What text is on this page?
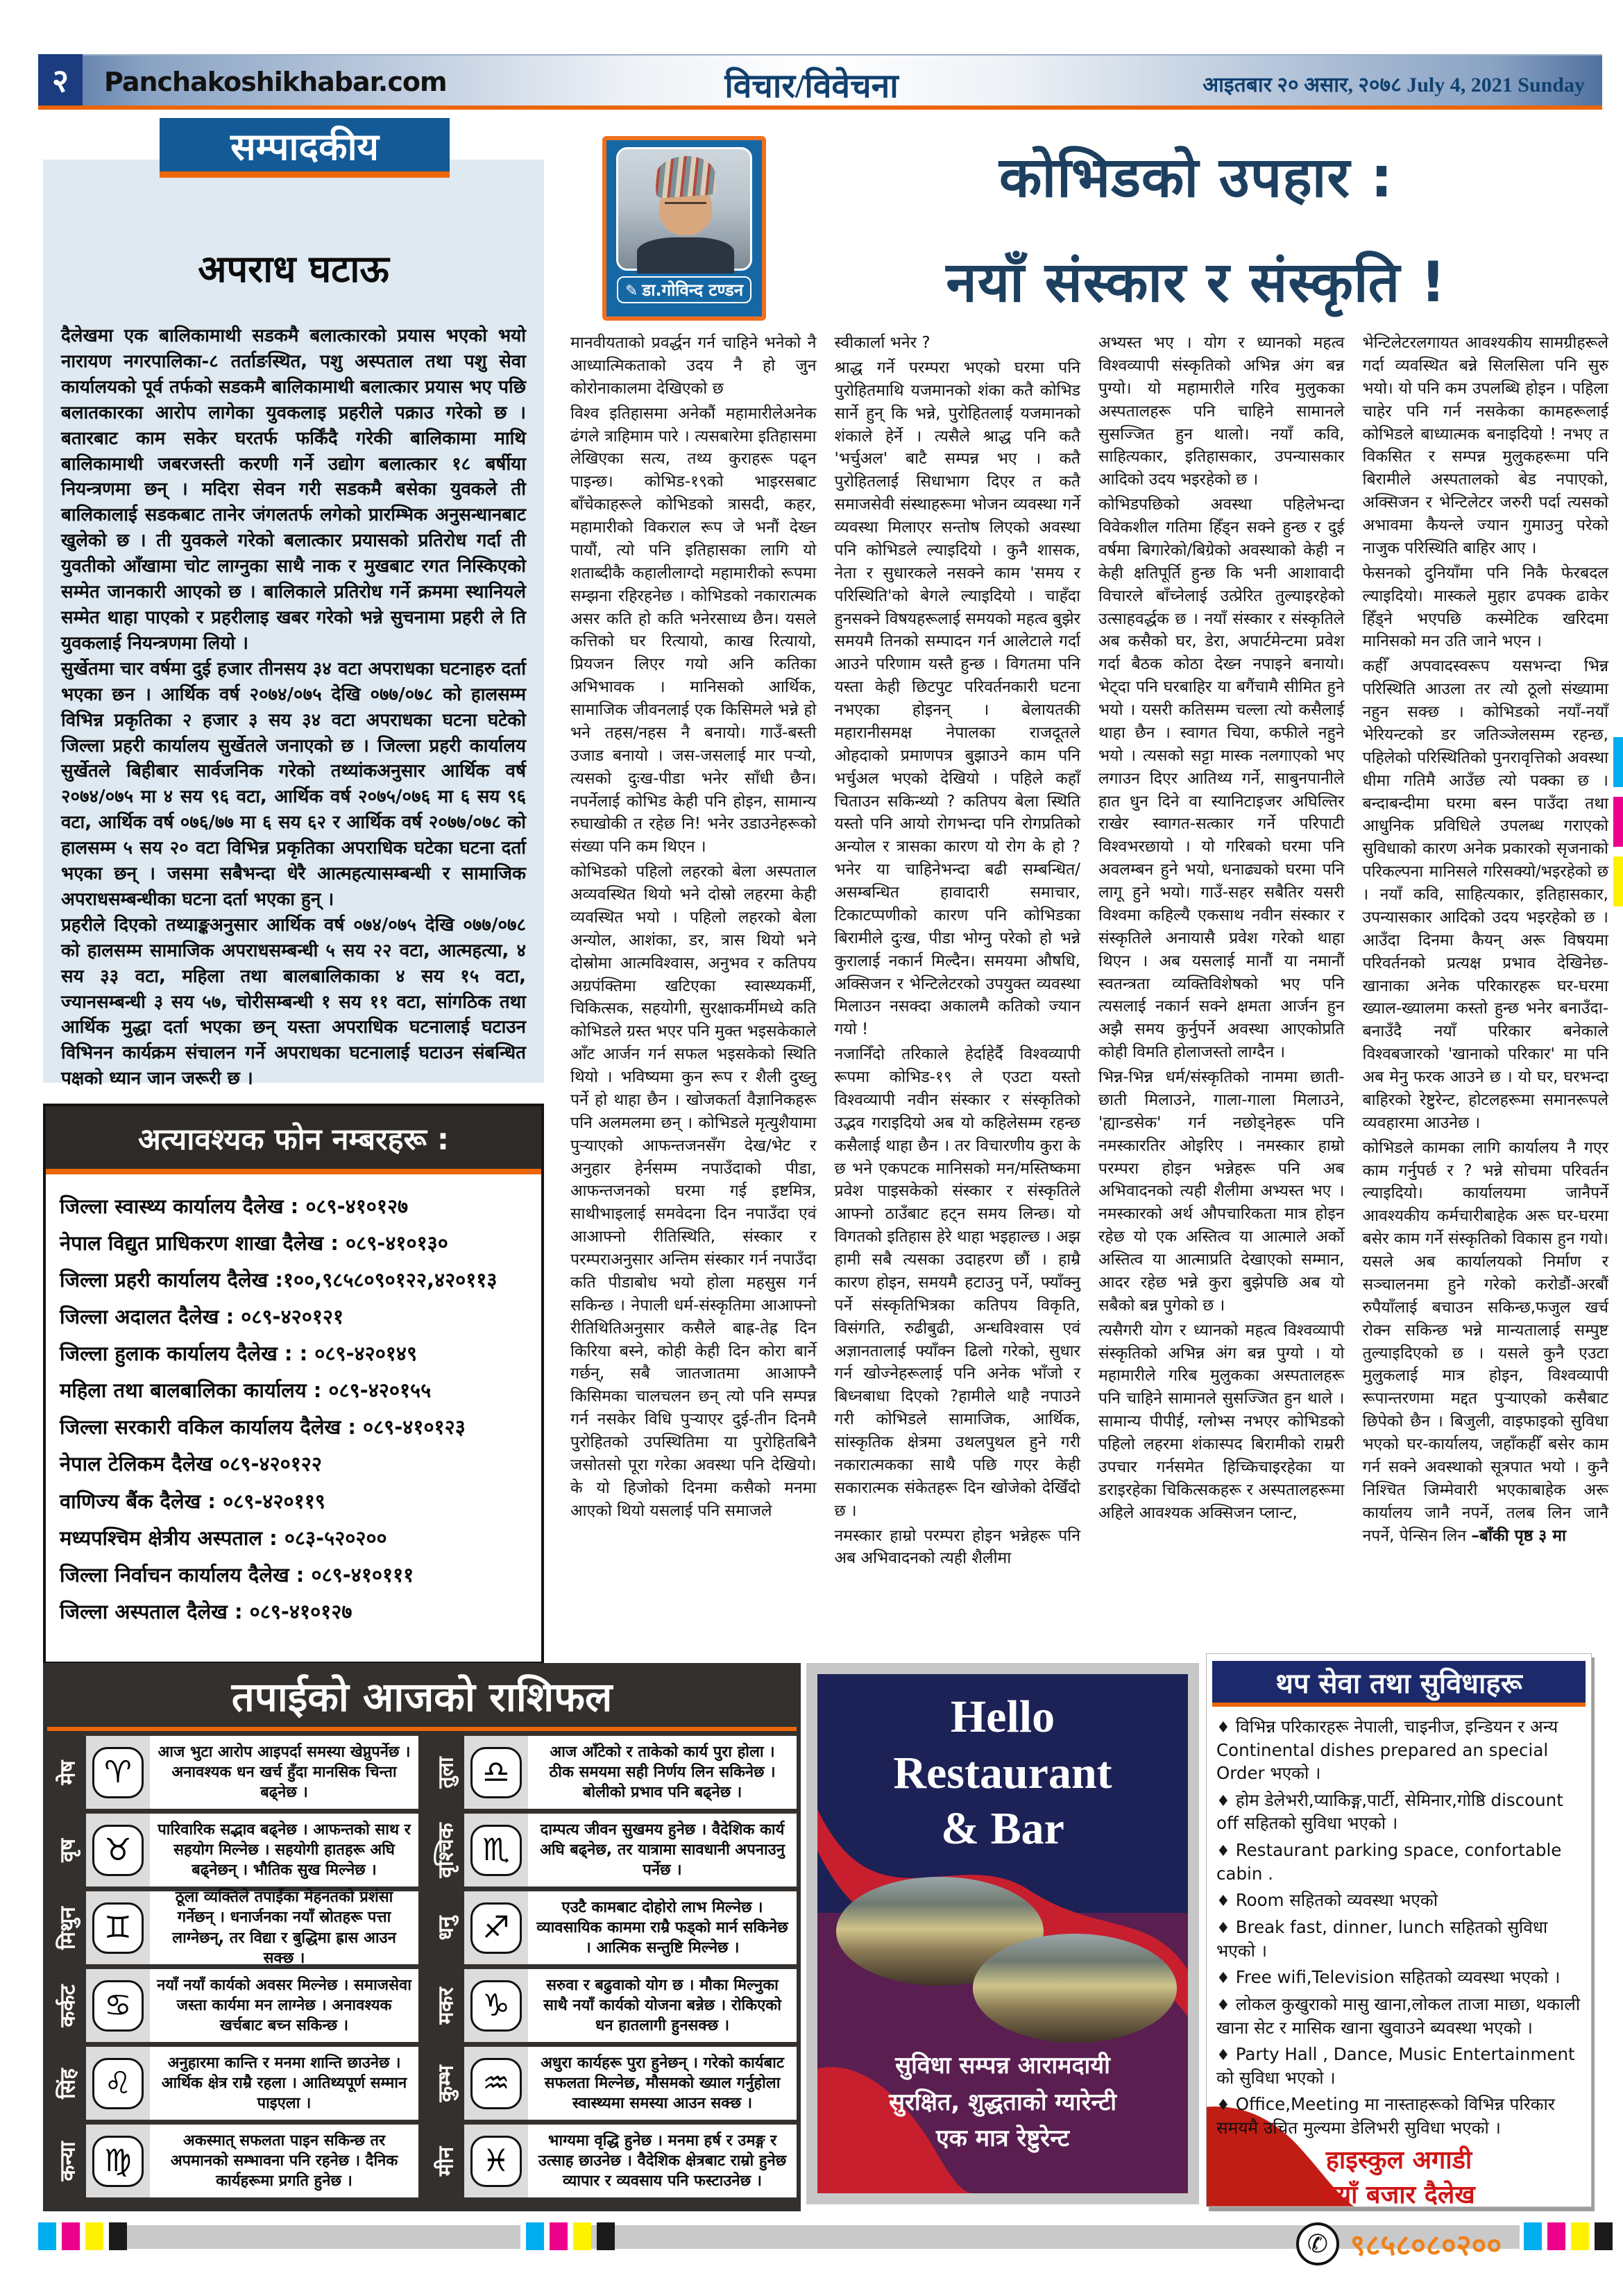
२	Panchakoshikhabar.com	विचार/विवेचना	आइतबार २० असार, २०७८ July 4, 2021 Sunday
सम्पादकीय
अपराध घटाऊ

दैलेखमा एक बालिकामाथी सडकमै बलात्कारको प्रयास भएको भयो नारायण नगरपालिका-८ तर्ताङस्थित, पशु अस्पताल तथा पशु सेवा कार्यालयको पूर्व तर्फको सडकमै बालिकामाथी बलात्कार प्रयास भए पछि बलातकारका आरोप लागेका युवकलाइ प्रहरीले पक्राउ गरेको छ । बतारबाट काम सकेर घरतर्फ फर्किंदै गरेकी बालिकामा माथि बालिकामाथी जबरजस्ती करणी गर्ने उद्योग बलात्कार १८ बर्षीया नियन्त्रणमा छन् । मदिरा सेवन गरी सडकमै बसेका युवकले ती बालिकालाई सडकबाट तानेर जंगलतर्फ लगेको प्रारम्भिक अनुसन्धानबाट खुलेको छ । ती युवकले गरेको बलात्कार प्रयासको प्रतिरोध गर्दा ती युवतीको आँखामा चोट लाग्नुका साथै नाक र मुखबाट रगत निस्किएको सम्मेत जानकारी आएको छ । बालिकाले प्रतिरोध गर्ने क्रममा स्थानियले सम्मेत थाहा पाएको र प्रहरीलाइ खबर गरेको भन्ने सुचनामा प्रहरी ले ति युवकलाई नियन्त्रणमा लियो ।

सुर्खेतमा चार वर्षमा दुई हजार तीनसय ३४ वटा अपराधका घटनाहरु दर्ता भएका छन । आर्थिक वर्ष २०७४/०७५ देखि ०७७/०७८ को हालसम्म विभिन्न प्रकृतिका २ हजार ३ सय ३४ वटा अपराधका घटना घटेको जिल्ला प्रहरी कार्यालय सुर्खेतले जनाएको छ । जिल्ला प्रहरी कार्यालय सुर्खेतले बिहीबार सार्वजनिक गरेको तथ्यांकअनुसार आर्थिक वर्ष २०७४/०७५ मा ४ सय ९६ वटा, आर्थिक वर्ष २०७५/०७६ मा ६ सय ९६ वटा, आर्थिक वर्ष ०७६/७७ मा ६ सय ६२ र आर्थिक वर्ष २०७७/०७८ को हालसम्म ५ सय २० वटा विभिन्न प्रकृतिका अपराधिक घटेका घटना दर्ता भएका छन् । जसमा सबैभन्दा धेरै आत्महत्यासम्बन्धी र सामाजिक अपराधसम्बन्धीका घटना दर्ता भएका हुन् ।

प्रहरीले दिएको तथ्याङ्कअनुसार आर्थिक वर्ष ०७४/०७५ देखि ०७७/०७८ को हालसम्म सामाजिक अपराधसम्बन्धी ५ सय २२ वटा, आत्महत्या, ४ सय ३३ वटा, महिला तथा बालबालिकाका ४ सय १५ वटा, ज्यानसम्बन्धी ३ सय ५७, चोरीसम्बन्धी १ सय ११ वटा, सांगठिक तथा आर्थिक मुद्धा दर्ता भएका छन् यस्ता अपराधिक घटनालाई घटाउन विभिनन कार्यक्रम संचालन गर्ने अपराधका घटनालाई घटाउन संबन्धित पक्षको ध्यान जान जरूरी छ ।

अत्यावश्यक फोन नम्बरहरू :
जिल्ला स्वास्थ्य कार्यालय दैलेख : ०८९-४१०१२७
नेपाल विद्युत प्राधिकरण शाखा दैलेख : ०८९-४१०१३०
जिल्ला प्रहरी कार्यालय दैलेख :१००,९८५८०९०१२२,४२०११३
जिल्ला अदालत दैलेख : ०८९-४२०१२१
जिल्ला हुलाक कार्यालय दैलेख : : ०८९-४२०१४९
महिला तथा बालबालिका कार्यालय : ०८९-४२०१५५
जिल्ला सरकारी वकिल कार्यालय दैलेख : ०८९-४१०१२३
नेपाल टेलिकम दैलेख ०८९-४२०१२२
वाणिज्य बैंक दैलेख : ०८९-४२०११९
मध्यपश्चिम क्षेत्रीय अस्पताल : ०८३-५२०२००
जिल्ला निर्वाचन कार्यालय दैलेख : ०८९-४१०१११
जिल्ला अस्पताल दैलेख : ०८९-४१०१२७
✎ डा.गोविन्द टण्डन
कोभिडको उपहार :
नयाँ संस्कार र संस्कृति !

मानवीयताको प्रवर्द्धन गर्न चाहिने भनेको नै आध्यात्मिकताको उदय नै हो जुन कोरोनाकालमा देखिएको छ

विश्व इतिहासमा अनेकौं महामारीलेअनेक ढंगले त्राहिमाम पारे । त्यसबारेमा इतिहासमा लेखिएका सत्य, तथ्य कुराहरू पढ्न पाइन्छ। कोभिड-१९को भाइरसबाट बाँचेकाहरूले कोभिडको त्रासदी, कहर, महामारीको विकराल रूप जे भनौं देख्न पायौं, त्यो पनि इतिहासका लागि यो शताब्दीकै कहालीलाग्दो महामारीको रूपमा सम्झना रहिरहनेछ । कोभिडको नकारात्मक असर कति हो कति भनेरसाध्य छैन। यसले कत्तिको घर रित्यायो, काख रित्यायो, प्रियजन लिएर गयो अनि कतिका अभिभावक । मानिसको आर्थिक, सामाजिक जीवनलाई एक किसिमले भन्ने हो भने तहस/नहस नै बनायो। गाउँ-बस्ती उजाड बनायो । जस-जसलाई मार पर्‍यो, त्यसको दुःख-पीडा भनेर साँधी छैन। नपर्नेलाई कोभिड केही पनि होइन, सामान्य रुघाखोकी त रहेछ नि! भनेर उडाउनेहरूको संख्या पनि कम थिएन ।

कोभिडको पहिलो लहरको बेला अस्पताल अव्यवस्थित थियो भने दोस्रो लहरमा केही व्यवस्थित भयो । पहिलो लहरको बेला अन्योल, आशंका, डर, त्रास थियो भने दोस्रोमा आत्मविश्वास, अनुभव र कतिपय अग्रपंक्तिमा खटिएका स्वास्थ्यकर्मी, चिकित्सक, सहयोगी, सुरक्षाकर्मीमध्ये कति कोभिडले ग्रस्त भएर पनि मुक्त भइसकेकाले आँट आर्जन गर्न सफल भइसकेको स्थिति थियो । भविष्यमा कुन रूप र शैली दुख्नु पर्ने हो थाहा छैन । खोजकर्ता वैज्ञानिकहरू पनि अलमलमा छन् । कोभिडले मृत्युशैयामा पुर्‍याएको आफन्तजनसँग देख/भेट र अनुहार हेर्नसम्म नपाउँदाको पीडा, आफन्तजनको घरमा गई इष्टमित्र, साथीभाइलाई समवेदना दिन नपाउँदा एवं आआफ्नो रीतिस्थिति, संस्कार र परम्पराअनुसार अन्तिम संस्कार गर्न नपाउँदा कति पीडाबोध भयो होला महसुस गर्न सकिन्छ । नेपाली धर्म-संस्कृतिमा आआफ्नो रीतिथितिअनुसार कसैले बाह्र-तेह्र दिन किरिया बस्ने, कोही केही दिन कोरा बार्ने गर्छन्, सबै जातजातमा आआफ्नै किसिमका चालचलन छन् त्यो पनि सम्पन्न गर्न नसकेर विधि पुर्‍याएर दुई-तीन दिनमै पुरोहितको उपस्थितिमा या पुरोहितबिनै जसोतसो पूरा गरेका अवस्था पनि देखियो। के यो हिजोको दिनमा कसैको मनमा आएको थियो यसलाई पनि समाजले

स्वीकार्ला भनेर ?

श्राद्ध गर्ने परम्परा भएको घरमा पनि पुरोहितमाथि यजमानको शंका कतै कोभिड सार्ने हुन् कि भन्ने, पुरोहितलाई यजमानको शंकाले हेर्ने । त्यसैले श्राद्ध पनि कतै 'भर्चुअल' बाटै सम्पन्न भए । कतै पुरोहितलाई सिधाभाग दिएर त कतै समाजसेवी संस्थाहरूमा भोजन व्यवस्था गर्ने व्यवस्था मिलाएर सन्तोष लिएको अवस्था पनि कोभिडले ल्याइदियो । कुनै शासक, नेता र सुधारकले नसक्ने काम 'समय र परिस्थिति'को बेगले ल्याइदियो । चाहँदा हुनसक्ने विषयहरूलाई समयको महत्व बुझेर समयमै तिनको सम्पादन गर्न आलेटाले गर्दा आउने परिणाम यस्तै हुन्छ । विगतमा पनि यस्ता केही छिटपुट परिवर्तनकारी घटना नभएका होइनन् । बेलायतकी महारानीसमक्ष नेपालका राजदूतले ओहदाको प्रमाणपत्र बुझाउने काम पनि भर्चुअल भएको देखियो । पहिले कहाँ चिताउन सकिन्थ्यो ? कतिपय बेला स्थिति यस्तो पनि आयो रोगभन्दा पनि रोगप्रतिको अन्योल र त्रासका कारण यो रोग के हो ? भनेर या चाहिनेभन्दा बढी सम्बन्धित/असम्बन्धित हावादारी समाचार, टिकाटप्पणीको कारण पनि कोभिडका बिरामीले दुःख, पीडा भोग्नु परेको हो भन्ने कुरालाई नकार्न मिल्दैन। समयमा औषधि, अक्सिजन र भेन्टिलेटरको उपयुक्त व्यवस्था मिलाउन नसक्दा अकालमै कतिको ज्यान गयो !

नजानिँदो तरिकाले हेर्दाहेर्दै विश्वव्यापी रूपमा कोभिड-१९ ले एउटा यस्तो विश्वव्यापी नवीन संस्कार र संस्कृतिको उद्भव गराइदियो अब यो कहिलेसम्म रहन्छ कसैलाई थाहा छैन । तर विचारणीय कुरा के छ भने एकपटक मानिसको मन/मस्तिष्कमा प्रवेश पाइसकेको संस्कार र संस्कृतिले आफ्नो ठाउँबाट हट्न समय लिन्छ। यो विगतको इतिहास हेरे थाहा भइहाल्छ । अझ हामी सबै त्यसका उदाहरण छौं । हाम्रै कारण होइन, समयमै हटाउनु पर्ने, फ्याँक्नु पर्ने संस्कृतिभित्रका कतिपय विकृति, विसंगति, रुढीबुढी, अन्धविश्वास एवं अज्ञानतालाई फ्याँक्न ढिलो गरेको, सुधार गर्न खोज्नेहरूलाई पनि अनेक भाँजो र बिध्नबाधा दिएको ?हामीले थाहै नपाउने गरी कोभिडले सामाजिक, आर्थिक, सांस्कृतिक क्षेत्रमा उथलपुथल हुने गरी नकारात्मकका साथै पछि गएर केही सकारात्मक संकेतहरू दिन खोजेको देखिँदो छ ।

नमस्कार हाम्रो परम्परा होइन भन्नेहरू पनि अब अभिवादनको त्यही शैलीमा

अभ्यस्त भए । योग र ध्यानको महत्व विश्वव्यापी संस्कृतिको अभिन्न अंग बन्न पुग्यो। यो महामारीले गरिव मुलुकका अस्पतालहरू पनि चाहिने सामानले सुसज्जित हुन थालो। नयाँ कवि, साहित्यकार, इतिहासकार, उपन्यासकार आदिको उदय भइरहेको छ ।

कोभिडपछिको अवस्था पहिलेभन्दा विवेकशील गतिमा हिँड्न सक्ने हुन्छ र दुई वर्षमा बिगारेको/बिग्रेको अवस्थाको केही न केही क्षतिपूर्ति हुन्छ कि भनी आशावादी विचारले बाँच्नेलाई उत्प्रेरित तुल्याइरहेको उत्साहवर्द्धक छ । नयाँ संस्कार र संस्कृतिले अब कसैको घर, डेरा, अपार्टमेन्टमा प्रवेश गर्दा बैठक कोठा देख्न नपाइने बनायो। भेट्दा पनि घरबाहिर या बगैंचामै सीमित हुने भयो । यसरी कतिसम्म चल्ला त्यो कसैलाई थाहा छैन । स्वागत चिया, कफीले नहुने भयो । त्यसको सट्टा मास्क नलगाएको भए लगाउन दिएर आतिथ्य गर्ने, साबुनपानीले हात धुन दिने वा स्यानिटाइजर अघिल्तिर राखेर स्वागत-सत्कार गर्ने परिपाटी विश्वभरछायो । यो गरिबको घरमा पनि अवलम्बन हुने भयो, धनाढ्यको घरमा पनि लागू हुने भयो। गाउँ-सहर सबैतिर यसरी विश्वमा कहिल्यै एकसाथ नवीन संस्कार र संस्कृतिले अनायासै प्रवेश गरेको थाहा थिएन । अब यसलाई मानौं या नमानौं स्वतन्त्रता व्यक्तिविशेषको भए पनि त्यसलाई नकार्न सक्ने क्षमता आर्जन हुन अझै समय कुर्नुपर्ने अवस्था आएकोप्रति कोही विमति होलाजस्तो लाग्दैन ।

भिन्न-भिन्न धर्म/संस्कृतिको नाममा छाती-छाती मिलाउने, गाला-गाला मिलाउने, 'ह्यान्डसेक' गर्न नछोड्नेहरू पनि नमस्कारतिर ओइरिए । नमस्कार हाम्रो परम्परा होइन भन्नेहरू पनि अब अभिवादनको त्यही शैलीमा अभ्यस्त भए । नमस्कारको अर्थ औपचारिकता मात्र होइन रहेछ यो एक अस्तित्व या आत्माले अर्को अस्तित्व या आत्माप्रति देखाएको सम्मान, आदर रहेछ भन्ने कुरा बुझेपछि अब यो सबैको बन्न पुगेको छ ।

त्यसैगरी योग र ध्यानको महत्व विश्वव्यापी संस्कृतिको अभिन्न अंग बन्न पुग्यो । यो महामारीले गरिब मुलुकका अस्पतालहरू पनि चाहिने सामानले सुसज्जित हुन थाले । सामान्य पीपीई, ग्लोभ्स नभएर कोभिडको पहिलो लहरमा शंकास्पद बिरामीको राम्ररी उपचार गर्नसमेत हिच्किचाइरहेका या डराइरहेका चिकित्सकहरू र अस्पतालहरूमा अहिले आवश्यक अक्सिजन प्लान्ट,

भेन्टिलेटरलगायत आवश्यकीय सामग्रीहरूले गर्दा व्यवस्थित बन्ने सिलसिला पनि सुरु भयो। यो पनि कम उपलब्धि होइन । पहिला चाहेर पनि गर्न नसकेका कामहरूलाई कोभिडले बाध्यात्मक बनाइदियो ! नभए त विकसित र सम्पन्न मुलुकहरूमा पनि बिरामीले अस्पतालको बेड नपाएको, अक्सिजन र भेन्टिलेटर जरुरी पर्दा त्यसको अभावमा कैयन्ले ज्यान गुमाउनु परेको नाजुक परिस्थिति बाहिर आए ।

फेसनको दुनियाँमा पनि निकै फेरबदल ल्याइदियो। मास्कले मुहार ढपक्क ढाकेर हिँड्ने भएपछि कस्मेटिक खरिदमा मानिसको मन उति जाने भएन ।

कहीँ अपवादस्वरूप यसभन्दा भिन्न परिस्थिति आउला तर त्यो ठूलो संख्यामा नहुन सक्छ । कोभिडको नयाँ-नयाँ भेरियन्टको डर जतिञ्जेलसम्म रहन्छ, पहिलेको परिस्थितिको पुनरावृत्तिको अवस्था धीमा गतिमै आउँछ त्यो पक्का छ । बन्दाबन्दीमा घरमा बस्न पाउँदा तथा आधुनिक प्रविधिले उपलब्ध गराएको सुविधाको कारण अनेक प्रकारको सृजनाको परिकल्पना मानिसले गरिसक्यो/भइरहेको छ । नयाँ कवि, साहित्यकार, इतिहासकार, उपन्यासकार आदिको उदय भइरहेको छ । आउँदा दिनमा कैयन् अरू विषयमा परिवर्तनको प्रत्यक्ष प्रभाव देखिनेछ- खानाका अनेक परिकारहरू घर-घरमा ख्याल-ख्यालमा कस्तो हुन्छ भनेर बनाउँदा-बनाउँदै नयाँ परिकार बनेकाले विश्वबजारको 'खानाको परिकार' मा पनि अब मेनु फरक आउने छ । यो घर, घरभन्दा बाहिरको रेष्टुरेन्ट, होटलहरूमा समानरूपले व्यवहारमा आउनेछ ।

कोभिडले कामका लागि कार्यालय नै गएर काम गर्नुपर्छ र ? भन्ने सोचमा परिवर्तन ल्याइदियो। कार्यालयमा जानैपर्ने आवश्यकीय कर्मचारीबाहेक अरू घर-घरमा बसेर काम गर्ने संस्कृतिको विकास हुन गयो। यसले अब कार्यालयको निर्माण र सञ्चालनमा हुने गरेको करोडौं-अरबौं रुपैयाँलाई बचाउन सकिन्छ,फजुल खर्च रोक्न सकिन्छ भन्ने मान्यतालाई सम्पुष्ट तुल्याइदिएको छ । यसले कुनै एउटा मुलुकलाई मात्र होइन, विश्वव्यापी रूपान्तरणमा मद्दत पुर्‍याएको कसैबाट छिपेको छैन । बिजुली, वाइफाइको सुविधा भएको घर-कार्यालय, जहाँकहीँ बसेर काम गर्न सक्ने अवस्थाको सूत्रपात भयो । कुनै निश्चित जिम्मेवारी भएकाबाहेक अरू कार्यालय जानै नपर्ने, तलब लिन जानै नपर्ने, पेन्सिन लिन –बाँकी पृष्ठ ३ मा

तपाईको आजको राशिफल
मेष ♈
आज भुटा आरोप आइपर्दा समस्या खेप्नुपर्नेछ । अनावश्यक धन खर्च हुँदा मानसिक चिन्ता बढ्नेछ ।
वृष ♉
पारिवारिक सद्भाव बढ्नेछ । आफन्तको साथ र सहयोग मिल्नेछ । सहयोगी हातहरू अघि बढ्नेछन् । भौतिक सुख मिल्नेछ ।
मिथुन ♊
ठूला व्यक्तिले तपाईँका मेहनतको प्रशंसा गर्नेछन् । धनार्जनका नयाँ स्रोतहरू पत्ता लाग्नेछन्, तर विद्या र बुद्धिमा ह्रास आउन सक्छ ।
कर्कट ♋
नयाँ नयाँ कार्यको अवसर मिल्नेछ । समाजसेवा जस्ता कार्यमा मन लाग्नेछ । अनावश्यक खर्चबाट बच्न सकिन्छ ।
सिंह ♌
अनुहारमा कान्ति र मनमा शान्ति छाउनेछ । आर्थिक क्षेत्र राम्रै रहला । आतिथ्यपूर्ण सम्मान पाइएला ।
कन्या ♍
अकस्मात् सफलता पाइन सकिन्छ तर अपमानको सम्भावना पनि रहनेछ । दैनिक कार्यहरूमा प्रगति हुनेछ ।
तुला ♎
आज आँटेको र ताकेको कार्य पुरा होला । ठीक समयमा सही निर्णय लिन सकिनेछ । बोलीको प्रभाव पनि बढ्नेछ ।
वृश्चिक ♏
दाम्पत्य जीवन सुखमय हुनेछ । वैदेशिक कार्य अघि बढ्नेछ, तर यात्रामा सावधानी अपनाउनु पर्नेछ ।
धनु ♐
एउटै कामबाट दोहोरो लाभ मिल्नेछ । व्यावसायिक काममा राम्रै फड्को मार्न सकिनेछ । आत्मिक सन्तुष्टि मिल्नेछ ।
मकर ♑
सरुवा र बढुवाको योग छ । मौका मिल्नुका साथै नयाँ कार्यको योजना बन्नेछ । रोकिएको धन हातलागी हुनसक्छ ।
कुम्भ ♒
अधुरा कार्यहरू पुरा हुनेछन् । गरेको कार्यबाट सफलता मिल्नेछ, मौसमको ख्याल गर्नुहोला स्वास्थ्यमा समस्या आउन सक्छ ।
मीन ♓
भाग्यमा वृद्धि हुनेछ । मनमा हर्ष र उमङ्ग र उत्साह छाउनेछ । वैदेशिक क्षेत्रबाट राम्रो हुनेछ व्यापार र व्यवसाय पनि फस्टाउनेछ ।
Hello
Restaurant
& Bar
सुविधा सम्पन्न आरामदायी
सुरक्षित, शुद्धताको ग्यारेन्टी
एक मात्र रेष्टुरेन्ट
थप सेवा तथा सुविधाहरू
♦ विभिन्न परिकारहरू नेपाली, चाइनीज, इन्डियन र अन्य Continental dishes prepared an special Order भएको ।
♦ होम डेलेभरी,प्याकिङ्ग,पार्टी, सेमिनार,गोष्ठि discount off सहितको सुविधा भएको ।
♦ Restaurant parking space, confortable cabin .
♦ Room सहितको व्यवस्था भएको
♦ Break fast, dinner, lunch सहितको सुविधा भएको ।
♦ Free wifi,Television सहितको व्यवस्था भएको ।
♦ लोकल कुखुराको मासु खाना,लोकल ताजा माछा, थकाली खाना सेट र मासिक खाना खुवाउने ब्यवस्था भएको ।
♦ Party Hall , Dance, Music Entertainment को सुविधा भएको ।
♦ Office,Meeting मा नास्ताहरूको विभिन्न परिकार समयमै उचित मुल्यमा डेलिभरी सुविधा भएको ।
हाइस्कुल अगाडी
नयाँ बजार दैलेख
✆ ९८५८०८०२००
